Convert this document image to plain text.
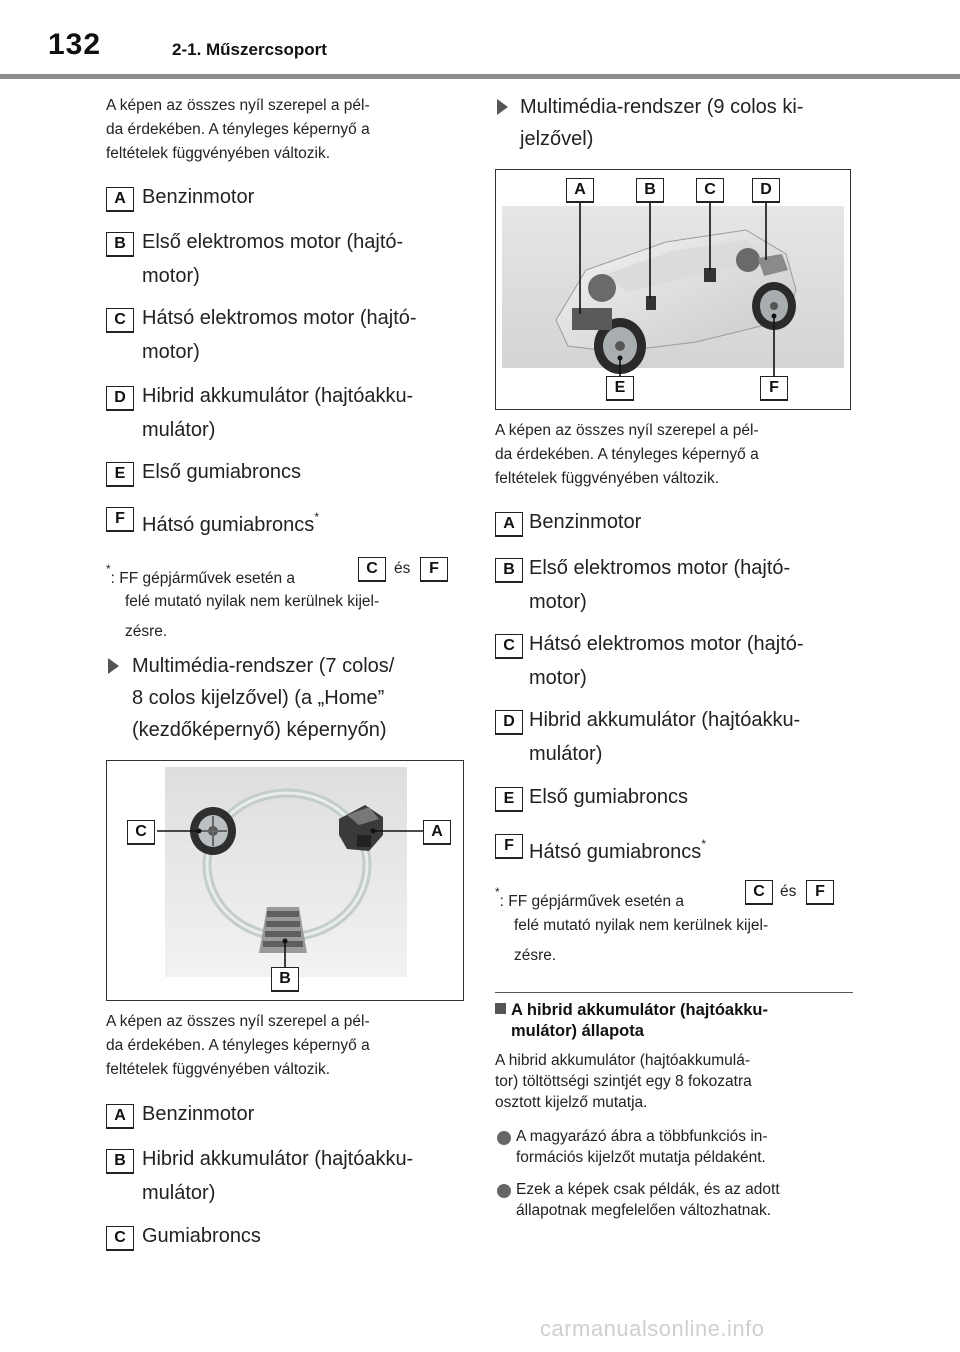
132	2-1. Műszercsoport
A képen az összes nyíl szerepel a pél-
da érdekében. A tényleges képernyő a
feltételek függvényében változik.
A Benzinmotor
B Első elektromos motor (hajtó-
motor)
C Hátsó elektromos motor (hajtó-
motor)
D Hibrid akkumulátor (hajtóakku-
mulátor)
E Első gumiabroncs
F Hátsó gumiabroncs*
*: FF gépjárművek esetén a
C	és	F
felé mutató nyilak nem kerülnek kijel-
zésre.
Multimédia-rendszer (7 colos/
8 colos kijelzővel) (a „Home”
(kezdőképernyő) képernyőn)
C	A
B
A képen az összes nyíl szerepel a pél-
da érdekében. A tényleges képernyő a
feltételek függvényében változik.
A Benzinmotor
B Hibrid akkumulátor (hajtóakku-
mulátor)
C Gumiabroncs
Multimédia-rendszer (9 colos ki-
jelzővel)
A	B	C	D
E	F
A képen az összes nyíl szerepel a pél-
da érdekében. A tényleges képernyő a
feltételek függvényében változik.
A Benzinmotor
B Első elektromos motor (hajtó-
motor)
C Hátsó elektromos motor (hajtó-
motor)
D Hibrid akkumulátor (hajtóakku-
mulátor)
E Első gumiabroncs
F Hátsó gumiabroncs*
*: FF gépjárművek esetén a
C és	F
felé mutató nyilak nem kerülnek kijel-
zésre.
A hibrid akkumulátor (hajtóakku-
mulátor) állapota
A hibrid akkumulátor (hajtóakkumulá-
tor) töltöttségi szintjét egy 8 fokozatra
osztott kijelző mutatja.
A magyarázó ábra a többfunkciós in-
formációs kijelzőt mutatja példaként.
Ezek a képek csak példák, és az adott
állapotnak megfelelően változhatnak.
carmanualsonline.info
